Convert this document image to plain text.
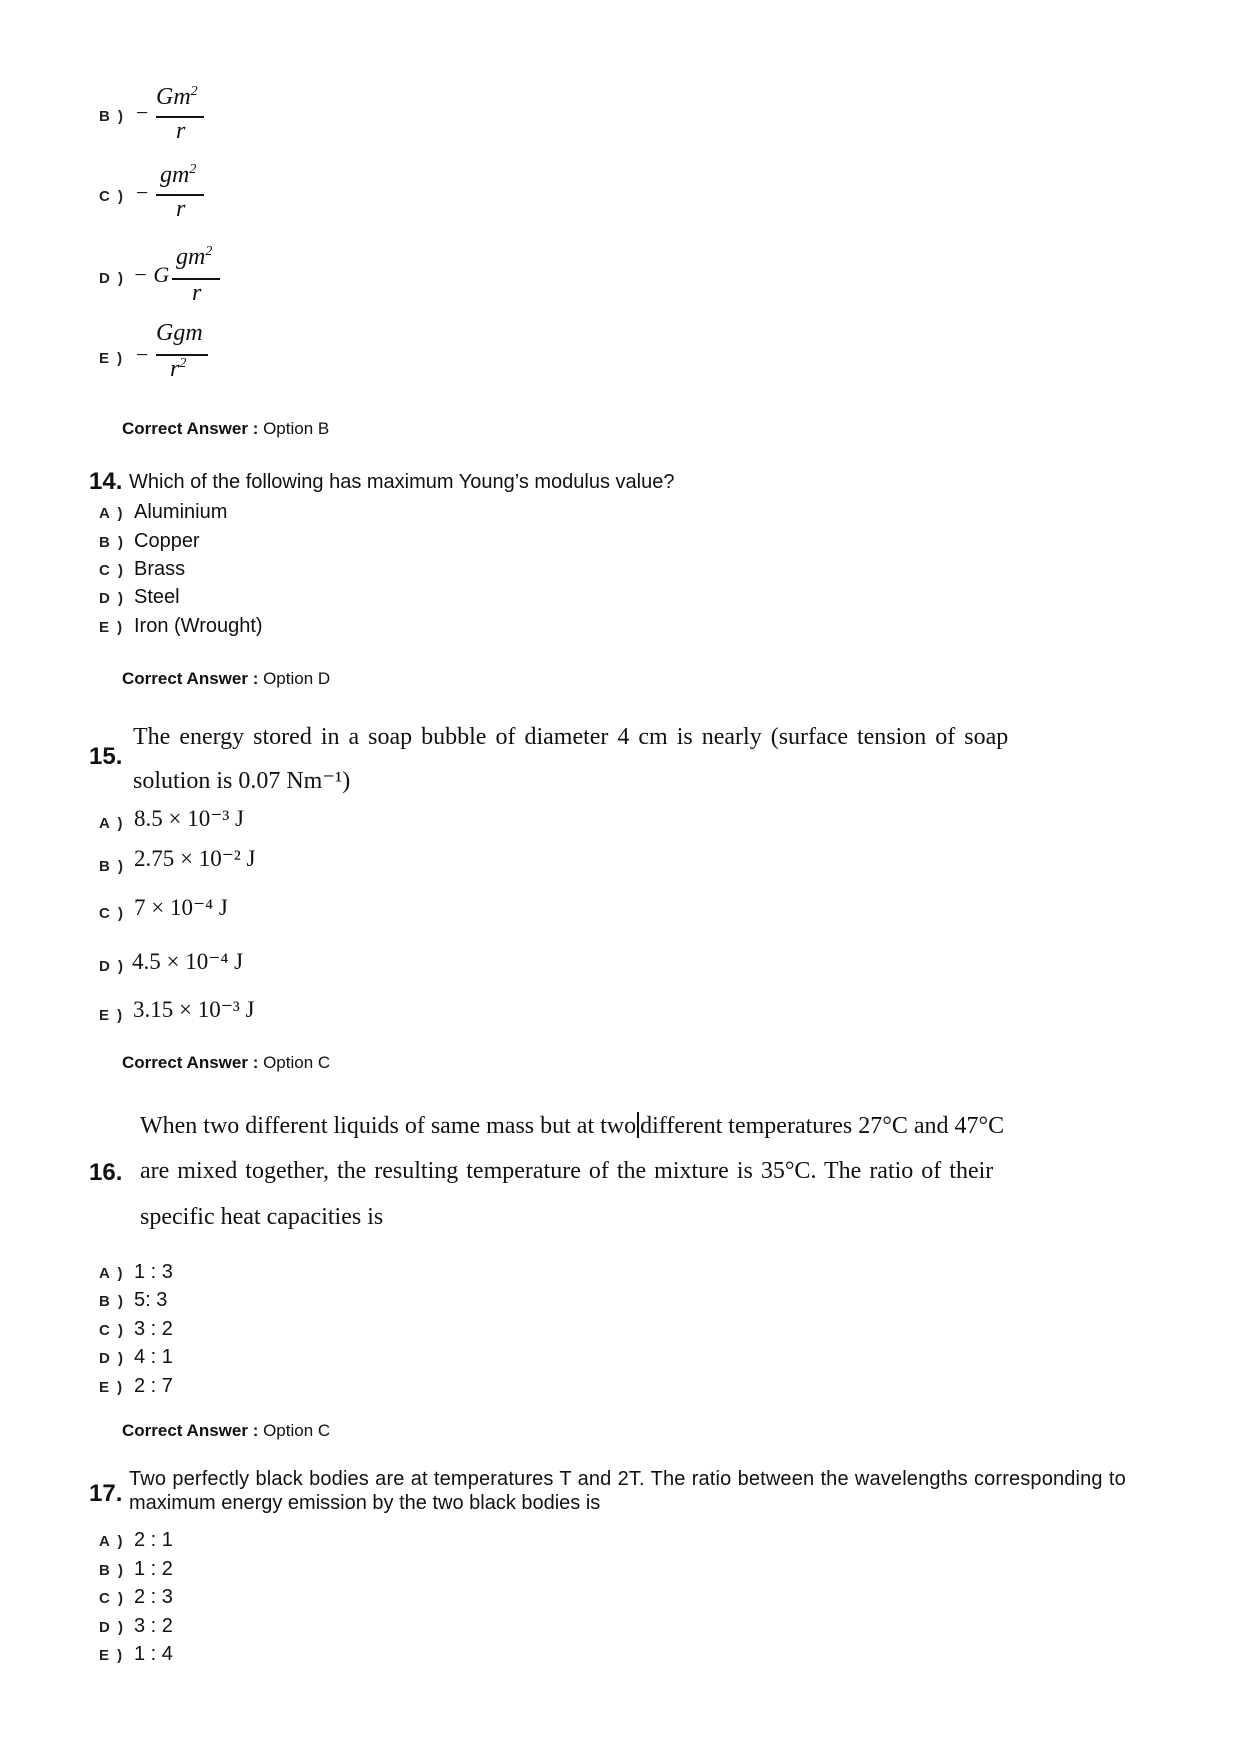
B ) −
$Gm^2$
r
C ) −
$gm^2$
r
D ) − G
$gm^2$
r
E ) −
Ggm
$r^2$
Correct Answer : Option B
14. Which of the following has maximum Young’s modulus value?
A ) Aluminium
B ) Copper
C ) Brass
D ) Steel
E ) Iron (Wrought)
Correct Answer : Option D
15.
The energy stored in a soap bubble of diameter 4 cm is nearly (surface tension of soap
solution is 0.07 Nm⁻¹)
A ) 8.5 × 10⁻³ J
B ) 2.75 × 10⁻² J
C ) 7 × 10⁻⁴ J
D ) 4.5 × 10⁻⁴ J
E ) 3.15 × 10⁻³ J
Correct Answer : Option C
16.
When two different liquids of same mass but at two different temperatures 27°C and 47°C
are mixed together, the resulting temperature of the mixture is 35°C. The ratio of their
specific heat capacities is
A ) 1 : 3
B ) 5: 3
C ) 3 : 2
D ) 4 : 1
E ) 2 : 7
Correct Answer : Option C
17.
Two perfectly black bodies are at temperatures T and 2T. The ratio between the wavelengths corresponding to
maximum energy emission by the two black bodies is
A ) 2 : 1
B ) 1 : 2
C ) 2 : 3
D ) 3 : 2
E ) 1 : 4
